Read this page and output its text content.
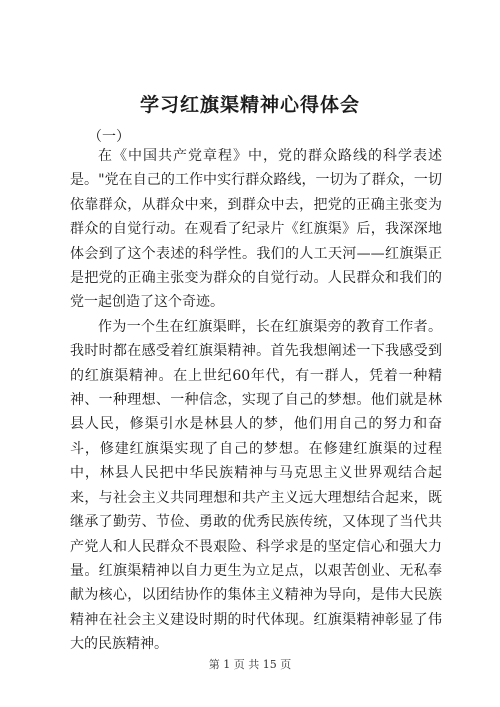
学习红旗渠精神心得体会
（一）

在《中国共产党章程》中，党的群众路线的科学表述是。"党在自己的工作中实行群众路线，一切为了群众，一切依靠群众，从群众中来，到群众中去，把党的正确主张变为群众的自觉行动。在观看了纪录片《红旗渠》后，我深深地体会到了这个表述的科学性。我们的人工天河——红旗渠正是把党的正确主张变为群众的自觉行动。人民群众和我们的党一起创造了这个奇迹。

作为一个生在红旗渠畔，长在红旗渠旁的教育工作者。我时时都在感受着红旗渠精神。首先我想阐述一下我感受到的红旗渠精神。在上世纪60年代，有一群人，凭着一种精神、一种理想、一种信念，实现了自己的梦想。他们就是林县人民，修渠引水是林县人的梦，他们用自己的努力和奋斗，修建红旗渠实现了自己的梦想。在修建红旗渠的过程中，林县人民把中华民族精神与马克思主义世界观结合起来，与社会主义共同理想和共产主义远大理想结合起来，既继承了勤劳、节俭、勇敢的优秀民族传统，又体现了当代共产党人和人民群众不畏艰险、科学求是的坚定信心和强大力量。红旗渠精神以自力更生为立足点，以艰苦创业、无私奉献为核心，以团结协作的集体主义精神为导向，是伟大民族精神在社会主义建设时期的时代体现。红旗渠精神彰显了伟大的民族精神。

第 1 页 共 15 页
